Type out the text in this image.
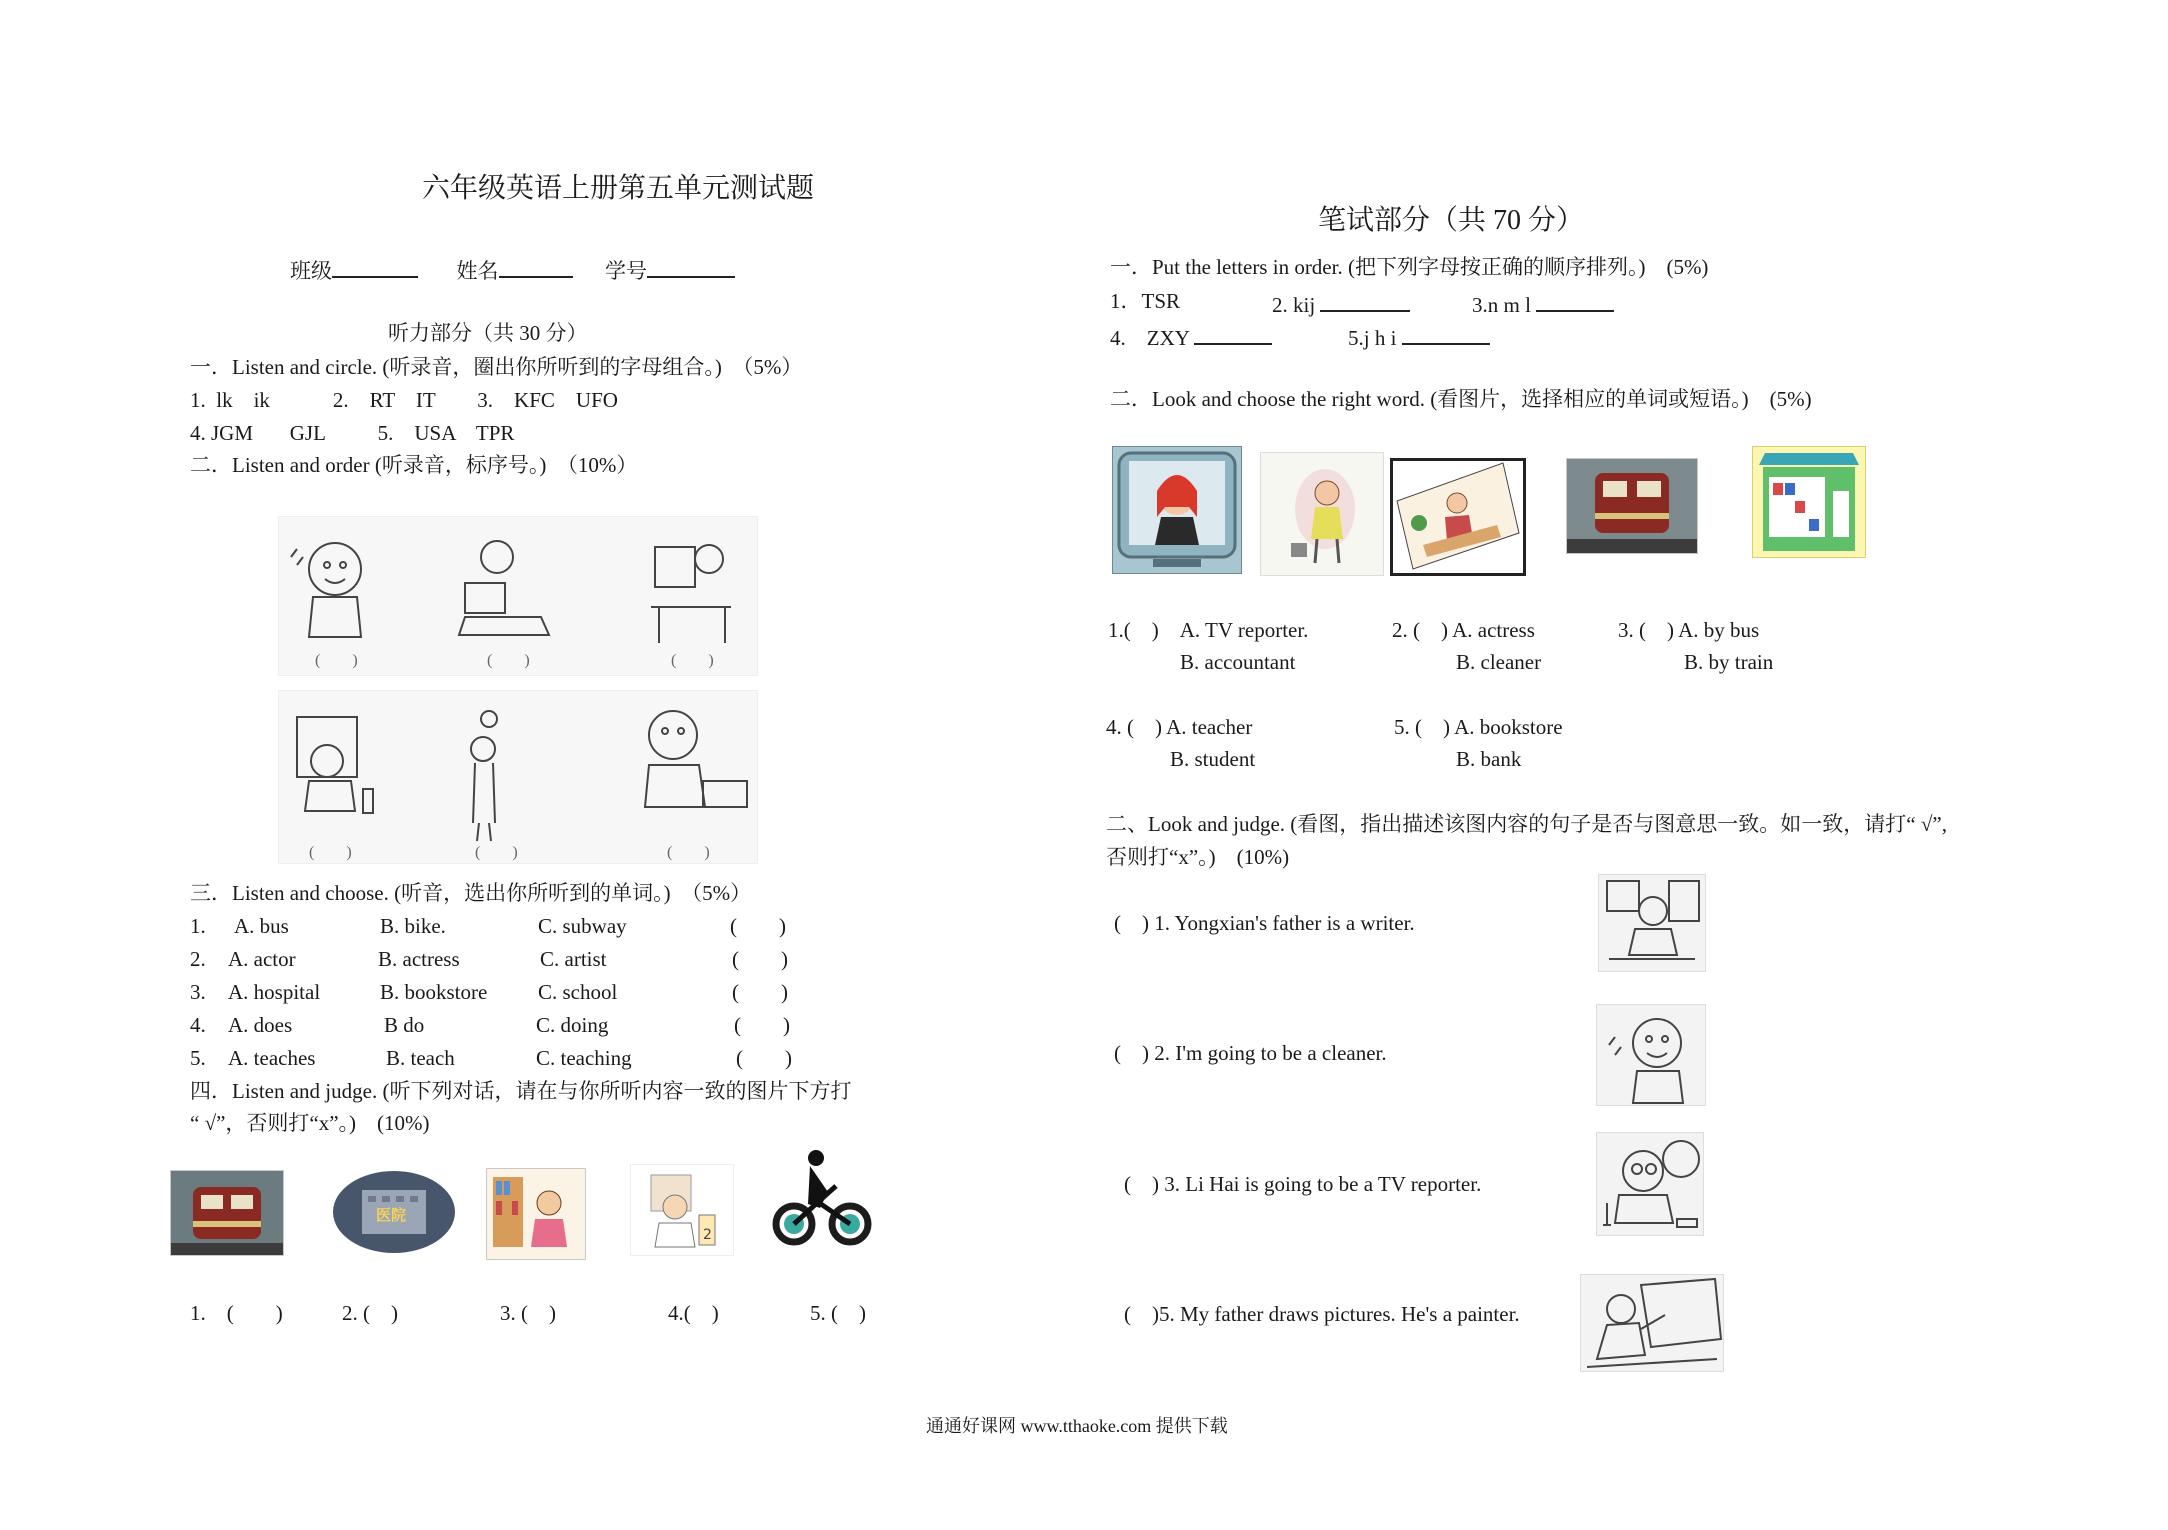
六年级英语上册第五单元测试题
班级	姓名	学号
听力部分（共 30 分）
一．Listen and circle. (听录音，圈出你所听到的字母组合。)　（5%）
1.  lk    ik            2.    RT    IT        3.    KFC    UFO
4. JGM       GJL          5.    USA    TPR
二．Listen and order (听录音，标序号。)　（10%）
(　　)	(　　)	(　　)
(　　)	(　　)	(　　)
三．Listen and choose. (听音，选出你所听到的单词。)　（5%）
1. A. bus	B. bike.	C. subway	(　　)
2. A. actor	B. actress	C. artist	(　　)
3. A. hospital	B. bookstore C. school	(　　)
4. A. does	B do	C. doing	(　　)
5. A. teaches	B. teach	C. teaching	(　　)
四．Listen and judge. (听下列对话，请在与你所听内容一致的图片下方打
“ √”，否则打“x”。)　(10%)
医院
2
1.　(　　)	2. (　)	3. (　)	4.(　)	5. (　)
笔试部分（共 70 分）
一．Put the letters in order. (把下列字母按正确的顺序排列。)　(5%)
1．TSR	2. kij	3.n m l
4.　ZXY	5.j h i
二．Look and choose the right word. (看图片，选择相应的单词或短语。)　(5%)
1.(　)　A. TV reporter.
B. accountant
2. (　) A. actress
B. cleaner
3. (　) A. by bus
B. by train
4. (　) A. teacher
B. student
5. (　) A. bookstore
B. bank
二、Look and judge. (看图，指出描述该图内容的句子是否与图意思一致。如一致，请打“ √”,
否则打“x”。)　(10%)
(　) 1. Yongxian's father is a writer.
(　) 2. I'm going to be a cleaner.
(　) 3. Li Hai is going to be a TV reporter.
(　)5. My father draws pictures. He's a painter.
通通好课网 www.tthaoke.com 提供下载
